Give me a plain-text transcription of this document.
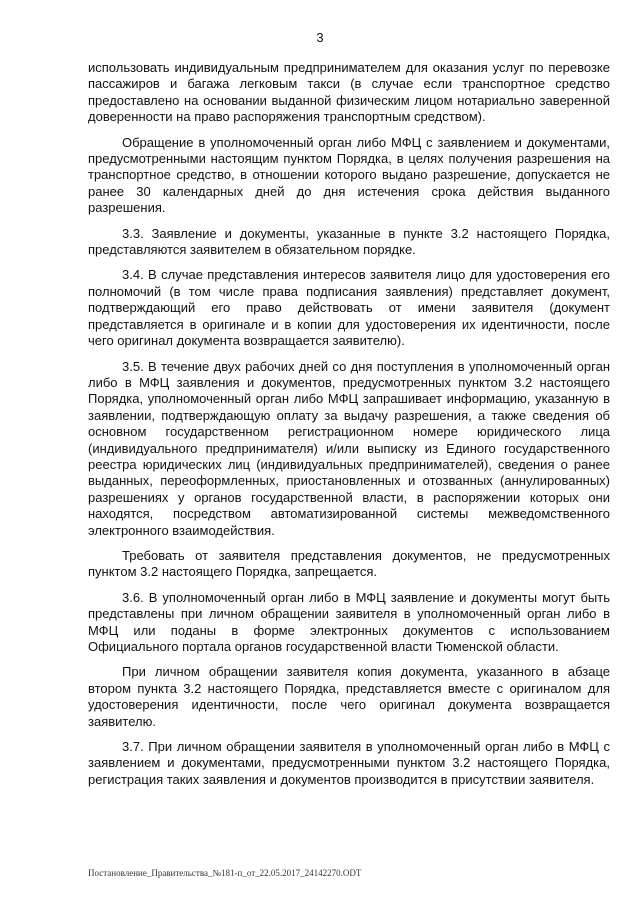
3

использовать индивидуальным предпринимателем для оказания услуг по перевозке пассажиров и багажа легковым такси (в случае если транспортное средство предоставлено на основании выданной физическим лицом нотариально заверенной доверенности на право распоряжения транспортным средством).

Обращение в уполномоченный орган либо МФЦ с заявлением и документами, предусмотренными настоящим пунктом Порядка, в целях получения разрешения на транспортное средство, в отношении которого выдано разрешение, допускается не ранее 30 календарных дней до дня истечения срока действия выданного разрешения.

3.3. Заявление и документы, указанные в пункте 3.2 настоящего Порядка, представляются заявителем в обязательном порядке.

3.4. В случае представления интересов заявителя лицо для удостоверения его полномочий (в том числе права подписания заявления) представляет документ, подтверждающий его право действовать от имени заявителя (документ представляется в оригинале и в копии для удостоверения их идентичности, после чего оригинал документа возвращается заявителю).

3.5. В течение двух рабочих дней со дня поступления в уполномоченный орган либо в МФЦ заявления и документов, предусмотренных пунктом 3.2 настоящего Порядка, уполномоченный орган либо МФЦ запрашивает информацию, указанную в заявлении, подтверждающую оплату за выдачу разрешения, а также сведения об основном государственном регистрационном номере юридического лица (индивидуального предпринимателя) и/или выписку из Единого государственного реестра юридических лиц (индивидуальных предпринимателей), сведения о ранее выданных, переоформленных, приостановленных и отозванных (аннулированных) разрешениях у органов государственной власти, в распоряжении которых они находятся, посредством автоматизированной системы межведомственного электронного взаимодействия.

Требовать от заявителя представления документов, не предусмотренных пунктом 3.2 настоящего Порядка, запрещается.

3.6. В уполномоченный орган либо в МФЦ заявление и документы могут быть представлены при личном обращении заявителя в уполномоченный орган либо в МФЦ или поданы в форме электронных документов с использованием Официального портала органов государственной власти Тюменской области.

При личном обращении заявителя копия документа, указанного в абзаце втором пункта 3.2 настоящего Порядка, представляется вместе с оригиналом для удостоверения идентичности, после чего оригинал документа возвращается заявителю.

3.7. При личном обращении заявителя в уполномоченный орган либо в МФЦ с заявлением и документами, предусмотренными пунктом 3.2 настоящего Порядка, регистрация таких заявления и документов производится в присутствии заявителя.

Постановление_Правительства_№181-п_от_22.05.2017_24142270.ODT
